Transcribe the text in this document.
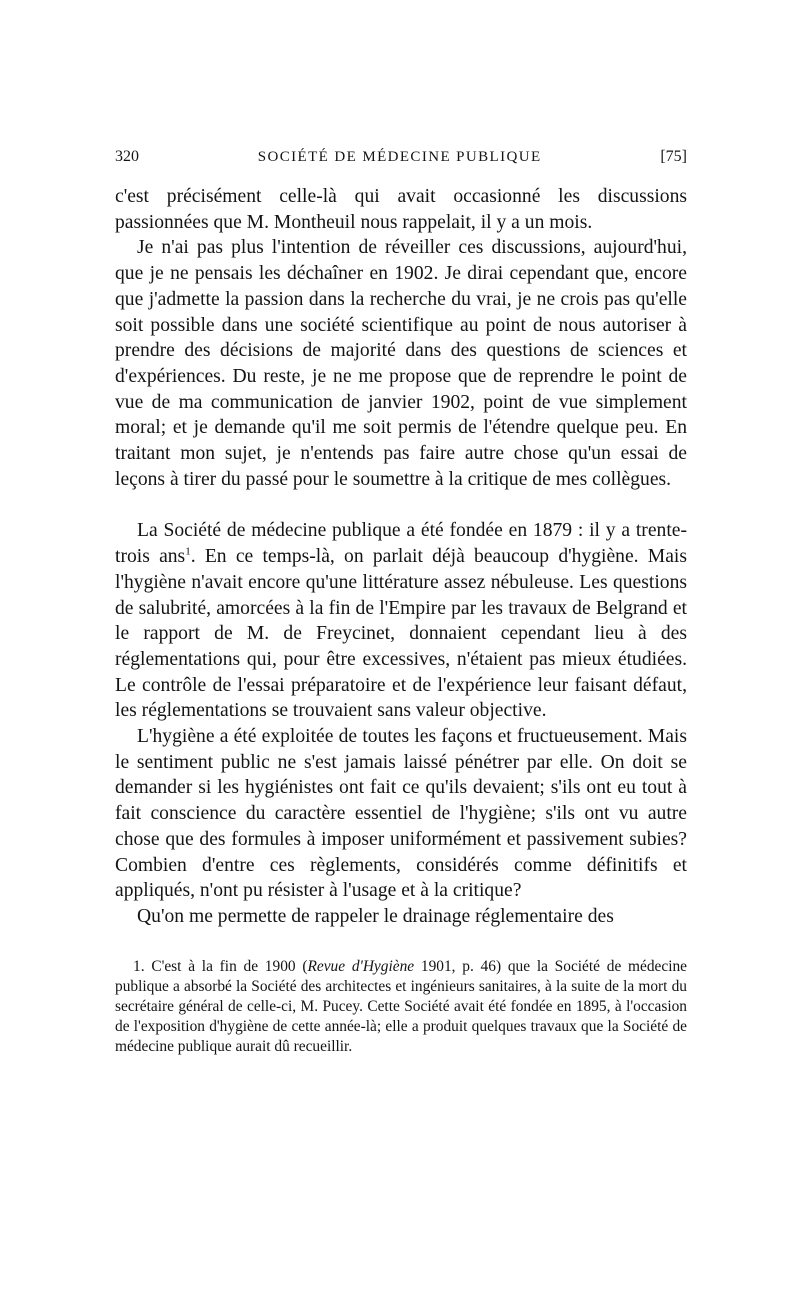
320	SOCIÉTÉ DE MÉDECINE PUBLIQUE	[75]

c'est précisément celle-là qui avait occasionné les discussions passionnées que M. Montheuil nous rappelait, il y a un mois.

Je n'ai pas plus l'intention de réveiller ces discussions, aujourd'hui, que je ne pensais les déchaîner en 1902. Je dirai cependant que, encore que j'admette la passion dans la recherche du vrai, je ne crois pas qu'elle soit possible dans une société scientifique au point de nous autoriser à prendre des décisions de majorité dans des questions de sciences et d'expériences. Du reste, je ne me propose que de reprendre le point de vue de ma communication de janvier 1902, point de vue simplement moral; et je demande qu'il me soit permis de l'étendre quelque peu. En traitant mon sujet, je n'entends pas faire autre chose qu'un essai de leçons à tirer du passé pour le soumettre à la critique de mes collègues.

La Société de médecine publique a été fondée en 1879 : il y a trente-trois ans$^1$. En ce temps-là, on parlait déjà beaucoup d'hygiène. Mais l'hygiène n'avait encore qu'une littérature assez nébuleuse. Les questions de salubrité, amorcées à la fin de l'Empire par les travaux de Belgrand et le rapport de M. de Freycinet, donnaient cependant lieu à des réglementations qui, pour être excessives, n'étaient pas mieux étudiées. Le contrôle de l'essai préparatoire et de l'expérience leur faisant défaut, les réglementations se trouvaient sans valeur objective.

L'hygiène a été exploitée de toutes les façons et fructueusement. Mais le sentiment public ne s'est jamais laissé pénétrer par elle. On doit se demander si les hygiénistes ont fait ce qu'ils devaient; s'ils ont eu tout à fait conscience du caractère essentiel de l'hygiène; s'ils ont vu autre chose que des formules à imposer uniformément et passivement subies? Combien d'entre ces règlements, considérés comme définitifs et appliqués, n'ont pu résister à l'usage et à la critique?

Qu'on me permette de rappeler le drainage réglementaire des

1. C'est à la fin de 1900 (Revue d'Hygiène 1901, p. 46) que la Société de médecine publique a absorbé la Société des architectes et ingénieurs sanitaires, à la suite de la mort du secrétaire général de celle-ci, M. Pucey. Cette Société avait été fondée en 1895, à l'occasion de l'exposition d'hygiène de cette année-là; elle a produit quelques travaux que la Société de médecine publique aurait dû recueillir.
